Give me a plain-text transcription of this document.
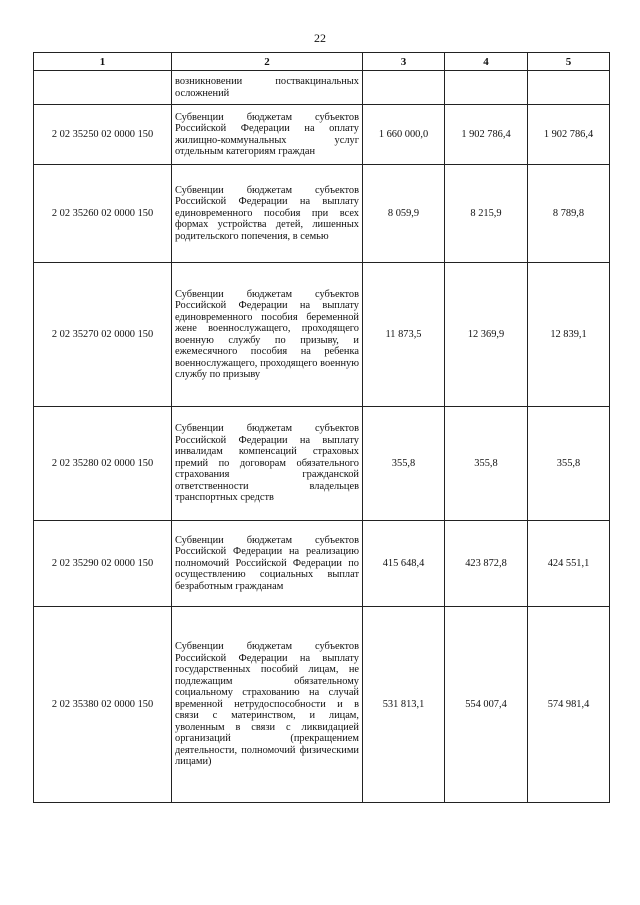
22
1	2	3	4	5
	возникновении поствакцинальных осложнений			
2 02 35250 02 0000 150	Субвенции бюджетам субъектов Российской Федерации на оплату жилищно-коммунальных услуг отдельным категориям граждан	1 660 000,0	1 902 786,4	1 902 786,4
2 02 35260 02 0000 150	Субвенции бюджетам субъектов Российской Федерации на выплату единовременного пособия при всех формах устройства детей, лишенных родительского попечения, в семью	8 059,9	8 215,9	8 789,8
2 02 35270 02 0000 150	Субвенции бюджетам субъектов Российской Федерации на выплату единовременного пособия беременной жене военнослужащего, проходящего военную службу по призыву, и ежемесячного пособия на ребенка военнослужащего, проходящего военную службу по призыву	11 873,5	12 369,9	12 839,1
2 02 35280 02 0000 150	Субвенции бюджетам субъектов Российской Федерации на выплату инвалидам компенсаций страховых премий по договорам обязательного страхования гражданской ответственности владельцев транспортных средств	355,8	355,8	355,8
2 02 35290 02 0000 150	Субвенции бюджетам субъектов Российской Федерации на реализацию полномочий Российской Федерации по осуществлению социальных выплат безработным гражданам	415 648,4	423 872,8	424 551,1
2 02 35380 02 0000 150	Субвенции бюджетам субъектов Российской Федерации на выплату государственных пособий лицам, не подлежащим обязательному социальному страхованию на случай временной нетрудоспособности и в связи с материнством, и лицам, уволенным в связи с ликвидацией организаций (прекращением деятельности, полномочий физическими лицами)	531 813,1	554 007,4	574 981,4
